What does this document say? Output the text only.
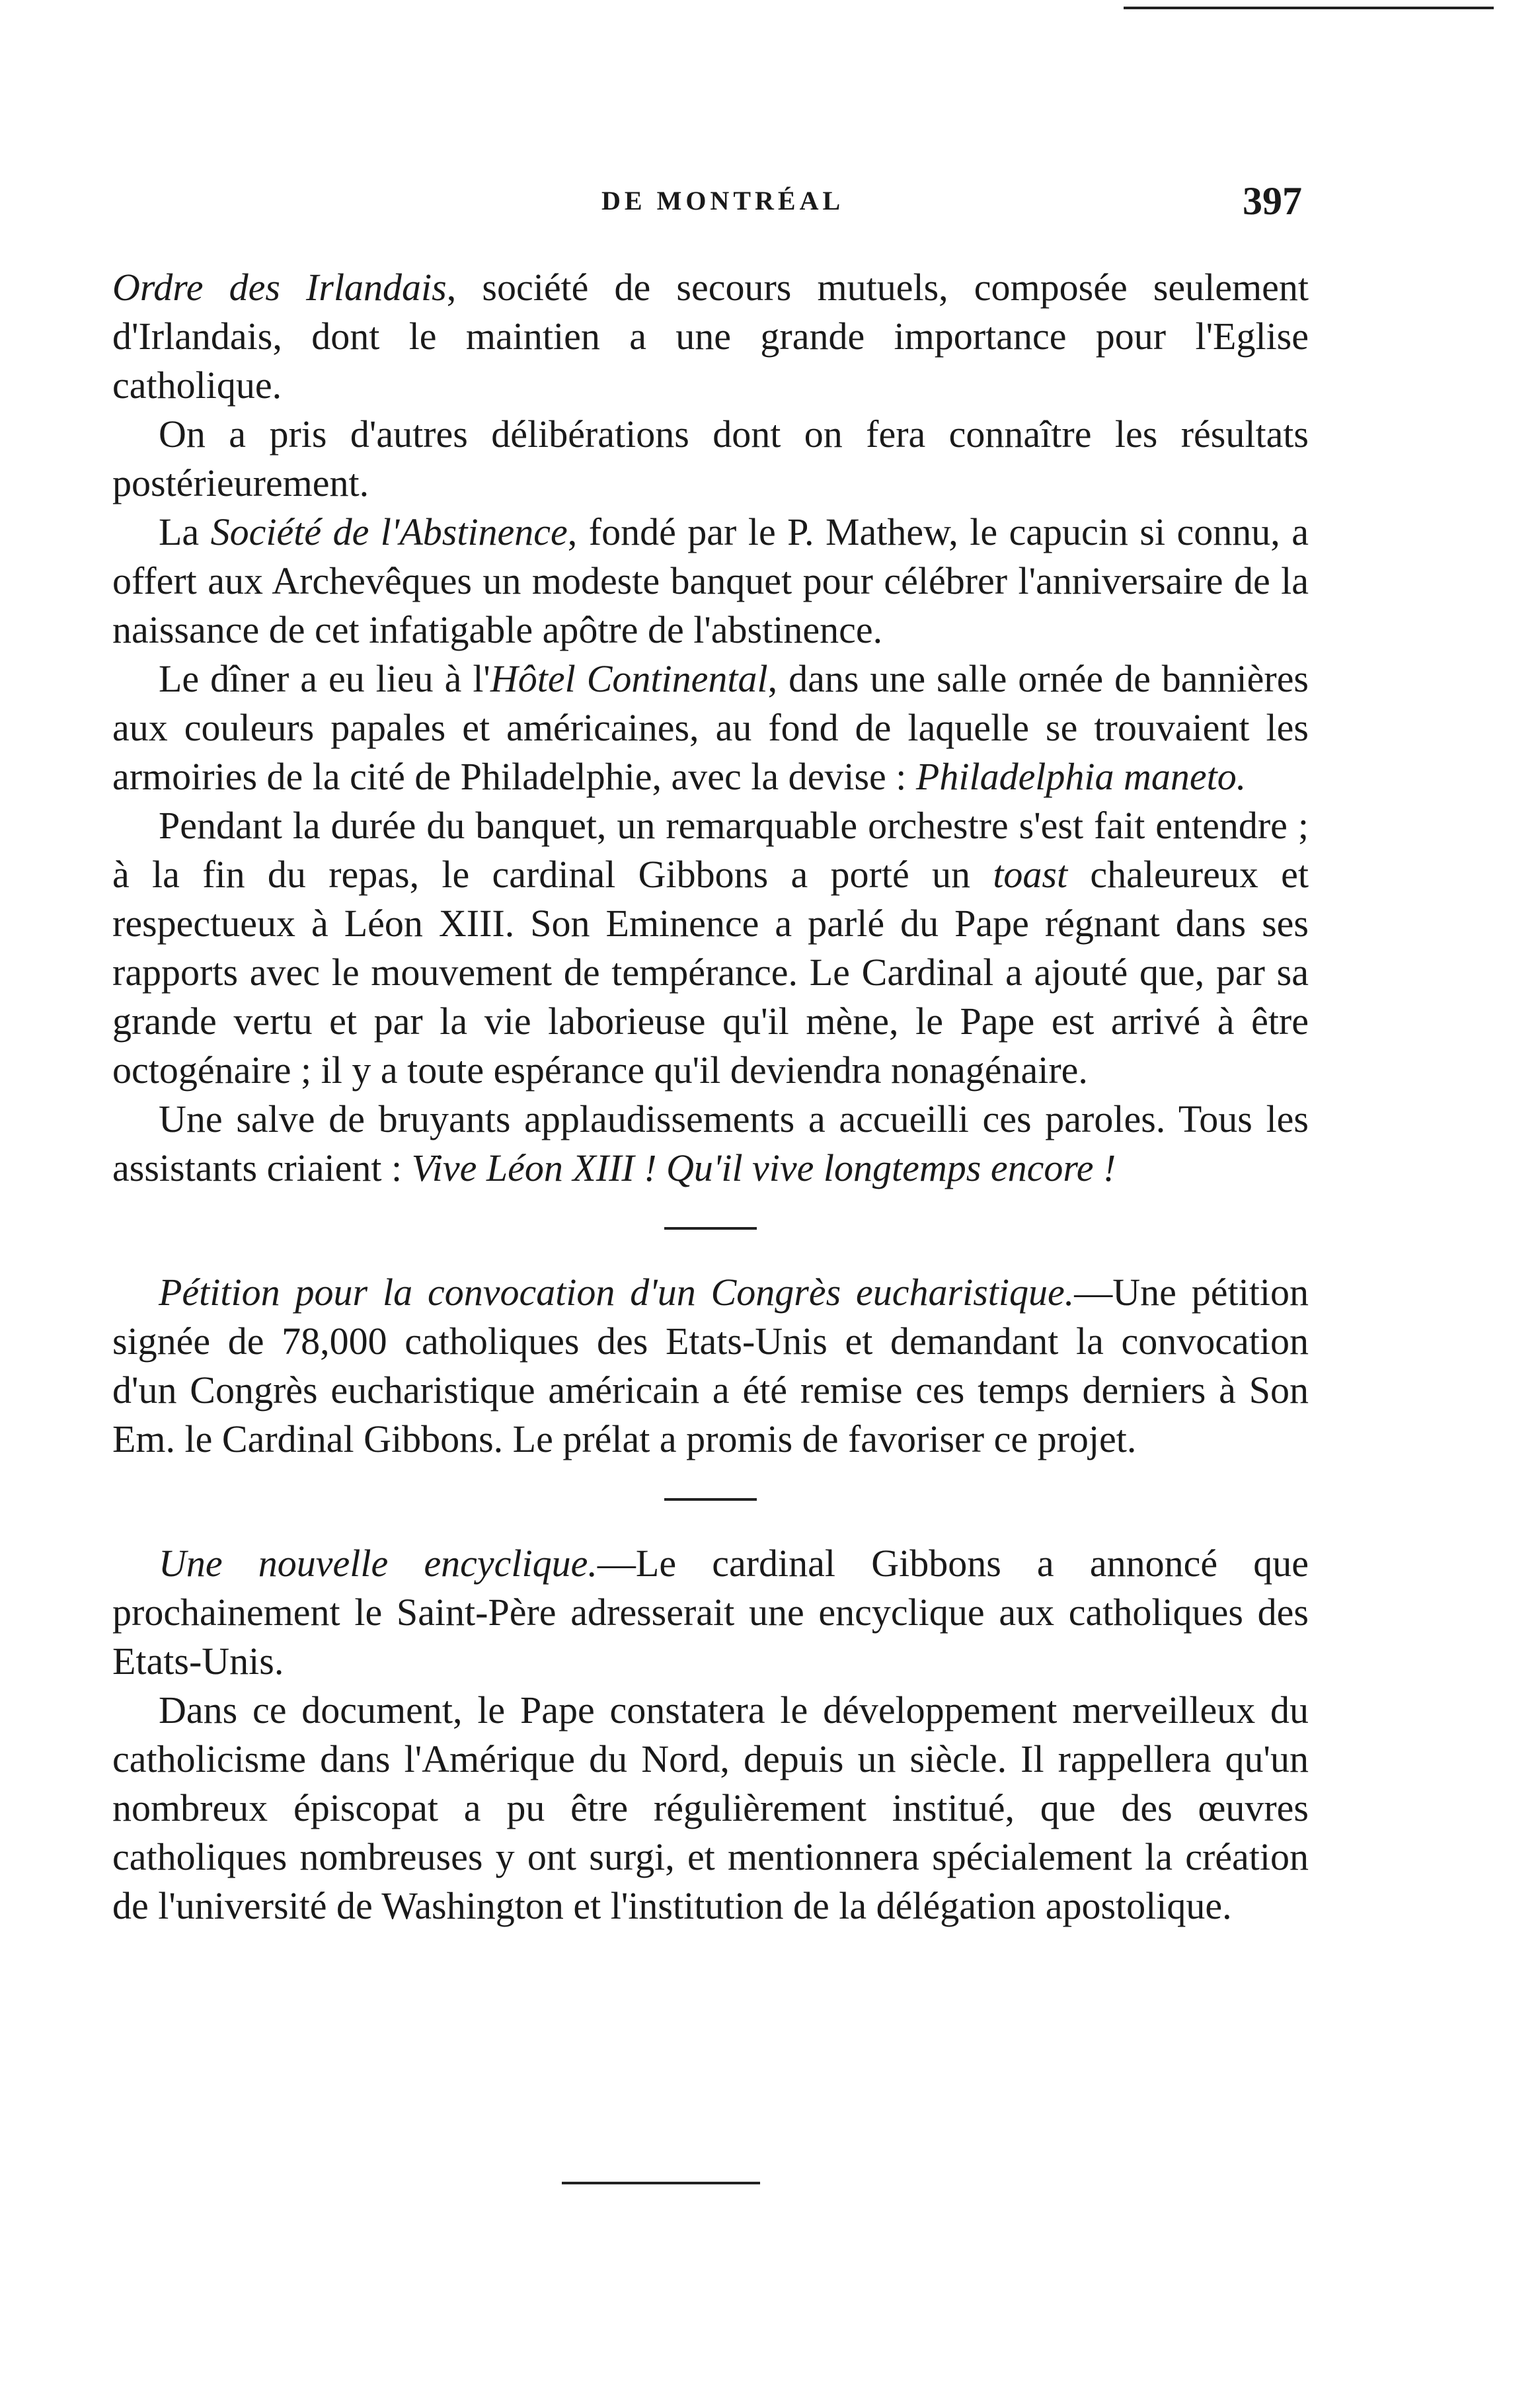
DE MONTRÉAL	397

Ordre des Irlandais, société de secours mutuels, composée seulement d'Irlandais, dont le maintien a une grande importance pour l'Eglise catholique.

On a pris d'autres délibérations dont on fera connaître les résultats postérieurement.

La Société de l'Abstinence, fondé par le P. Mathew, le capucin si connu, a offert aux Archevêques un modeste banquet pour célébrer l'anniversaire de la naissance de cet infatigable apôtre de l'abstinence.

Le dîner a eu lieu à l'Hôtel Continental, dans une salle ornée de bannières aux couleurs papales et américaines, au fond de laquelle se trouvaient les armoiries de la cité de Philadelphie, avec la devise : Philadelphia maneto.

Pendant la durée du banquet, un remarquable orchestre s'est fait entendre ; à la fin du repas, le cardinal Gibbons a porté un toast chaleureux et respectueux à Léon XIII. Son Eminence a parlé du Pape régnant dans ses rapports avec le mouvement de tempérance. Le Cardinal a ajouté que, par sa grande vertu et par la vie laborieuse qu'il mène, le Pape est arrivé à être octogénaire ; il y a toute espérance qu'il deviendra nonagénaire.

Une salve de bruyants applaudissements a accueilli ces paroles. Tous les assistants criaient : Vive Léon XIII ! Qu'il vive longtemps encore !

Pétition pour la convocation d'un Congrès eucharistique.—Une pétition signée de 78,000 catholiques des Etats-Unis et demandant la convocation d'un Congrès eucharistique américain a été remise ces temps derniers à Son Em. le Cardinal Gibbons. Le prélat a promis de favoriser ce projet.

Une nouvelle encyclique.—Le cardinal Gibbons a annoncé que prochainement le Saint-Père adresserait une encyclique aux catholiques des Etats-Unis.

Dans ce document, le Pape constatera le développement merveilleux du catholicisme dans l'Amérique du Nord, depuis un siècle. Il rappellera qu'un nombreux épiscopat a pu être régulièrement institué, que des œuvres catholiques nombreuses y ont surgi, et mentionnera spécialement la création de l'université de Washington et l'institution de la délégation apostolique.
